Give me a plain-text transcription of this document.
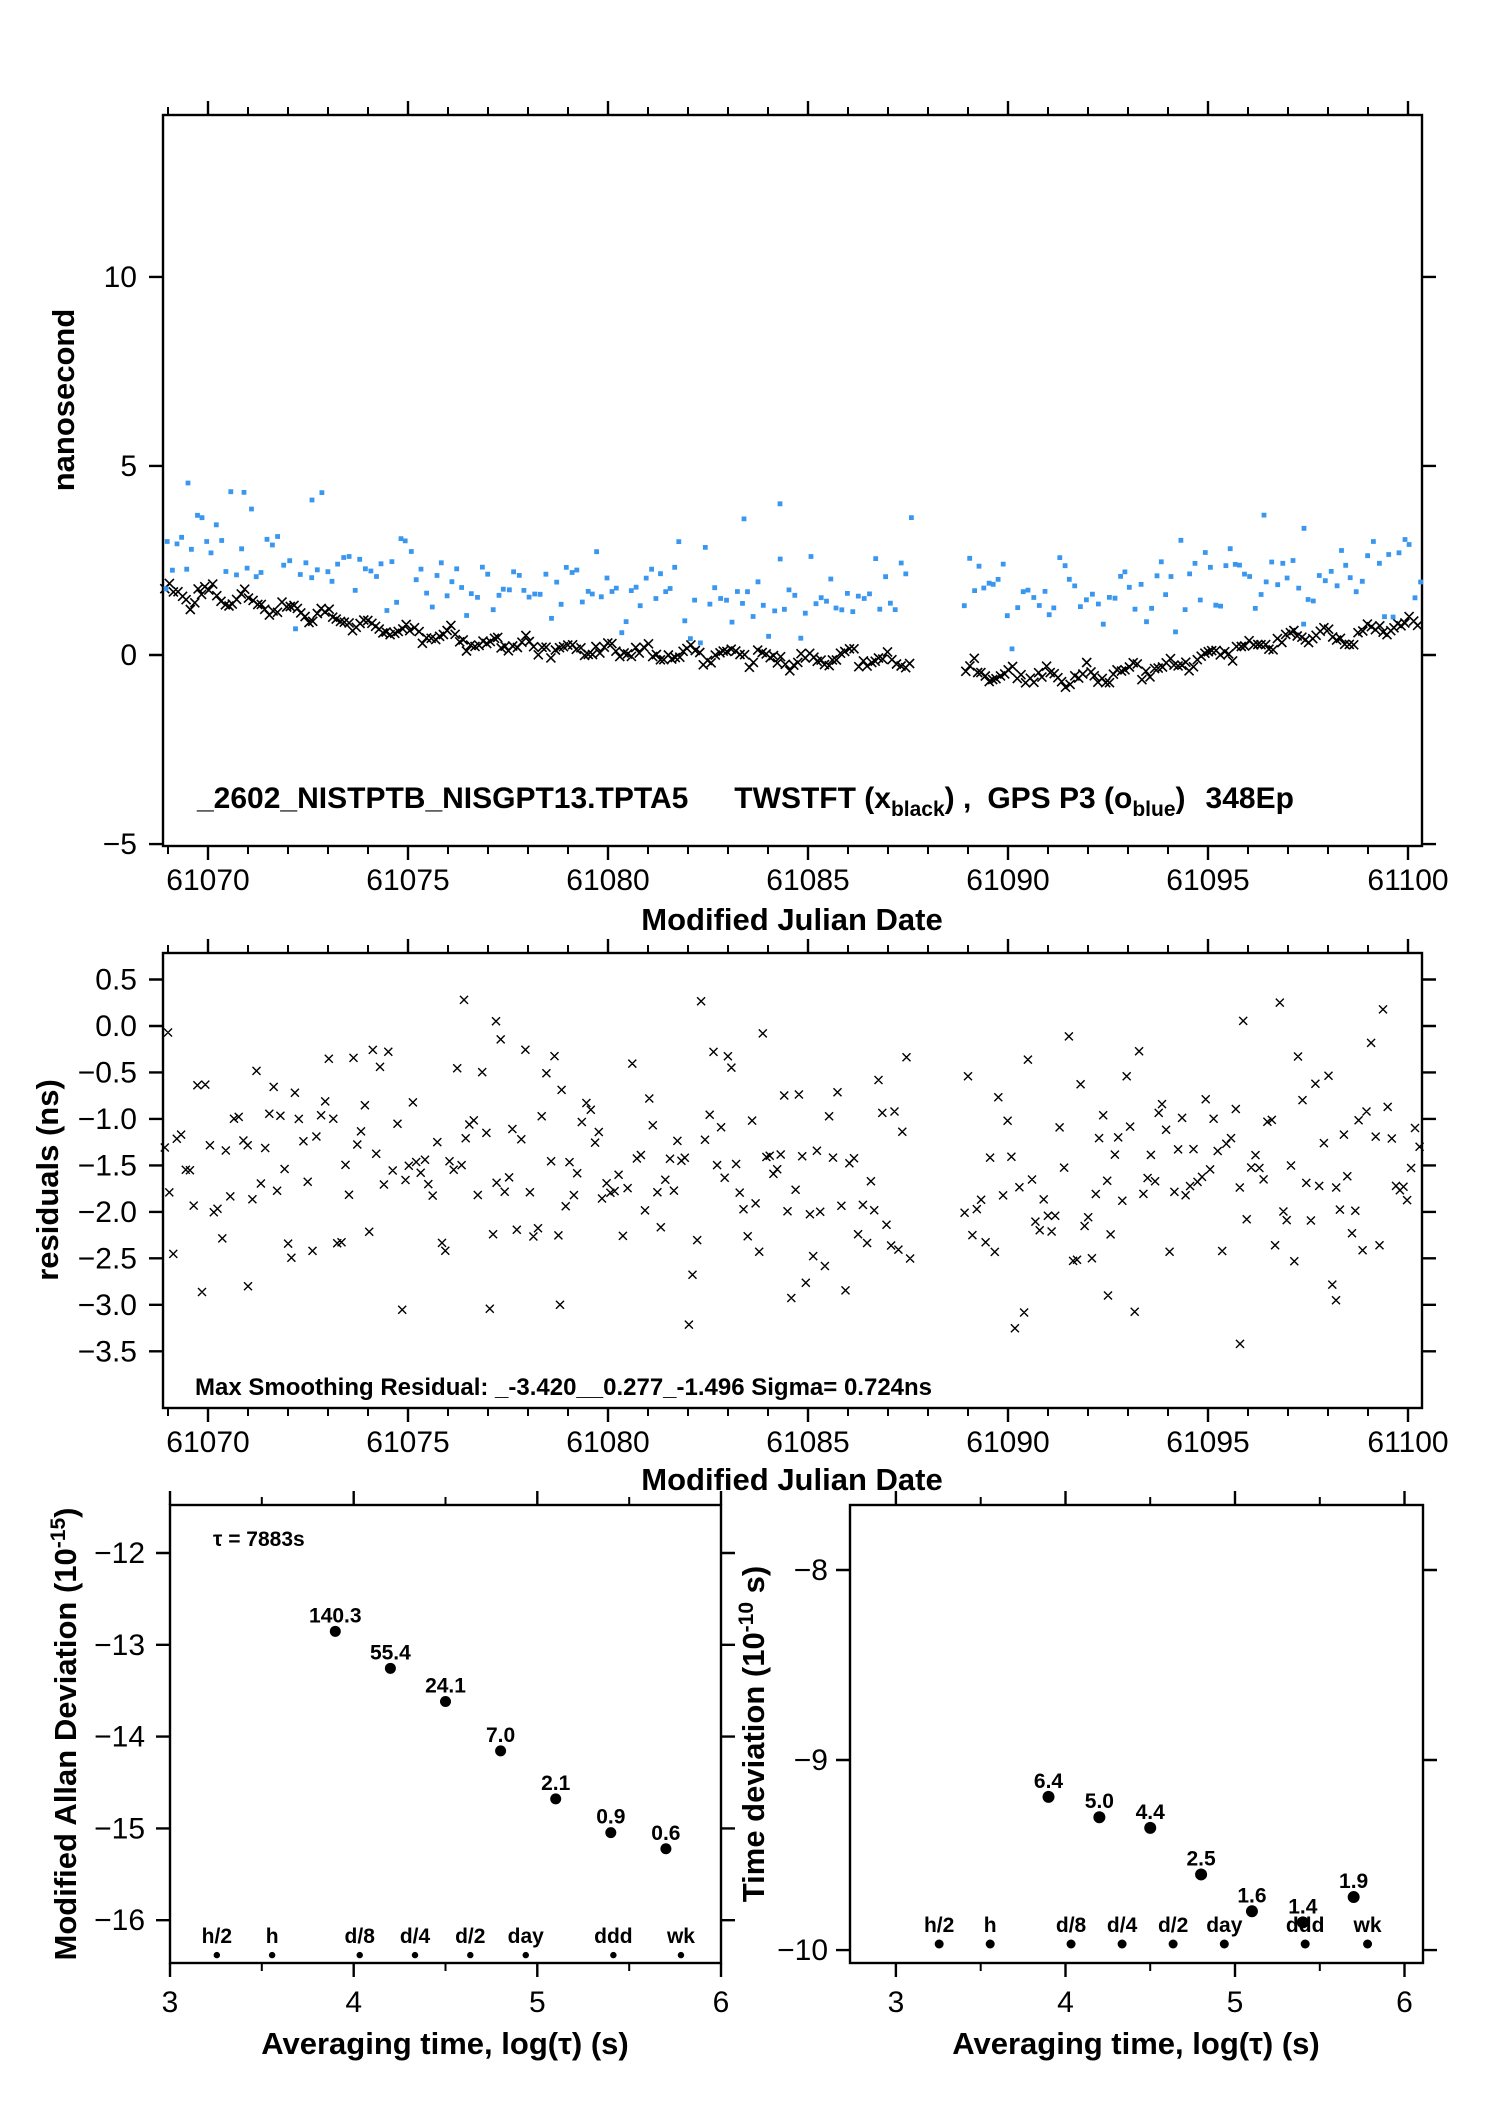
61070	61075	61080	61085	61090	61095	61100
−5
0
5
10
61070	61075	61080	61085	61090	61095	61100
0.5
0.0
−0.5
−1.0
−1.5
−2.0
−2.5
−3.0
−3.5
3	4	5	6
−12
−13
−14
−15
−16
140.3
55.4
24.1
7.0
2.1
0.9
0.6
h/2 h	d/8 d/4 d/2 day ddd wk
3	4	5	6
−8
−9
−10
6.4
5.0 4.4
2.5
1.6 1.4
1.9
h/2 h	d/8 d/4 d/2 day ddd wk
nanosecond
_2602_NISTPTB_NISGPT13.TPTA5 TWSTFT $(x_{black})$ , GPS P3 $(o_{blue})$ 348Ep
Modified Julian Date
residuals (ns)
Max Smoothing Residual: _-3.420__0.277_-1.496 Sigma= 0.724ns
Modified Julian Date
Modified Allan Deviation $(10^{-15})$
τ = 7883s
Averaging time, log(τ) (s)
Time deviation ($10^{-10}$ s)
Averaging time, log(τ) (s)
